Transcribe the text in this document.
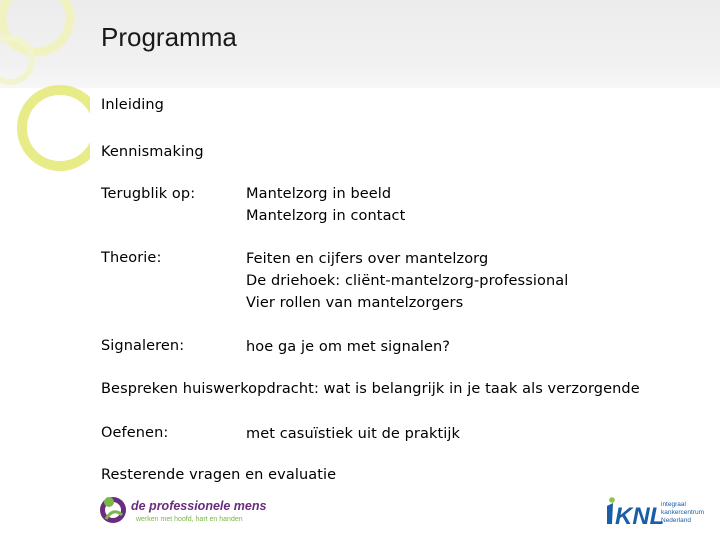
Programma
Inleiding
Kennismaking
Terugblik op:	Mantelzorg in beeld
Mantelzorg in contact
Theorie:	Feiten en cijfers over mantelzorg
De driehoek: cliënt-mantelzorg-professional
Vier rollen van mantelzorgers
Signaleren:	hoe ga je om met signalen?
Bespreken huiswerkopdracht: wat is belangrijk in je taak als verzorgende
Oefenen:	met casuïstiek uit de praktijk
Resterende vragen en evaluatie
de professionele mens
werken met hoofd, hart en handen	KNL
integraal
kankercentrum
Nederland
